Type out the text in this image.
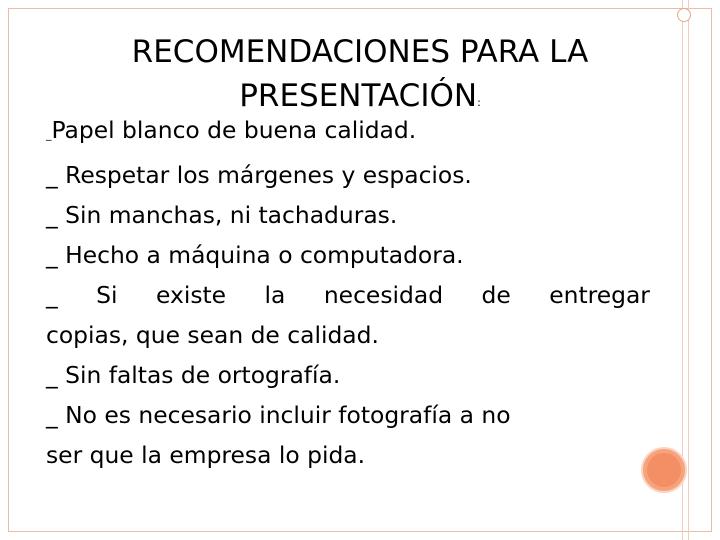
RECOMENDACIONES PARA LA
PRESENTACIÓN:
_Papel blanco de buena calidad.
_ Respetar los márgenes y espacios.
_ Sin manchas, ni tachaduras.
_ Hecho a máquina o computadora.
_ Si existe la necesidad de entregar
copias, que sean de calidad.
_ Sin faltas de ortografía.
_ No es necesario incluir fotografía a no
ser que la empresa lo pida.
